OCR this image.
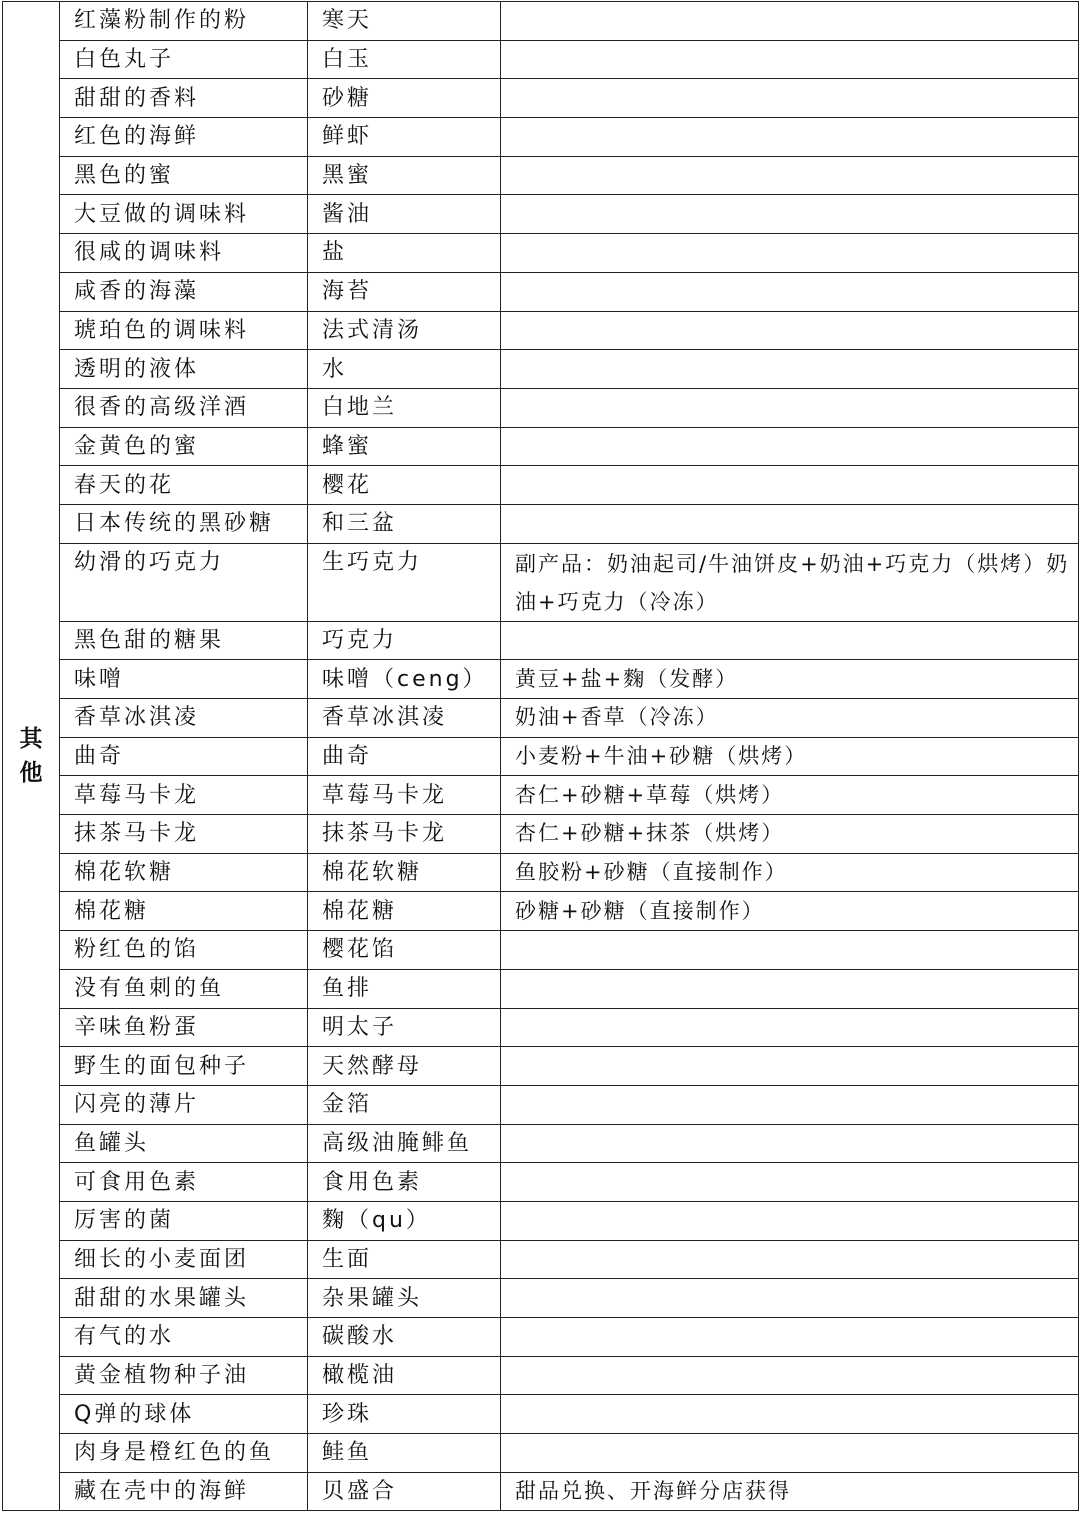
其
他	红藻粉制作的粉	寒天	
	白色丸子	白玉	
	甜甜的香料	砂糖	
	红色的海鲜	鲜虾	
	黑色的蜜	黑蜜	
	大豆做的调味料	酱油	
	很咸的调味料	盐	
	咸香的海藻	海苔	
	琥珀色的调味料	法式清汤	
	透明的液体	水	
	很香的高级洋酒	白地兰	
	金黄色的蜜	蜂蜜	
	春天的花	樱花	
	日本传统的黑砂糖	和三盆	
	幼滑的巧克力	生巧克力	副产品：奶油起司/牛油饼皮+奶油+巧克力（烘烤）奶油+巧克力（冷冻）
	黑色甜的糖果	巧克力	
	味噌	味噌（ceng）	黄豆+盐+麴（发酵）
	香草冰淇凌	香草冰淇凌	奶油+香草（冷冻）
	曲奇	曲奇	小麦粉+牛油+砂糖（烘烤）
	草莓马卡龙	草莓马卡龙	杏仁+砂糖+草莓（烘烤）
	抹茶马卡龙	抹茶马卡龙	杏仁+砂糖+抹茶（烘烤）
	棉花软糖	棉花软糖	鱼胶粉+砂糖（直接制作）
	棉花糖	棉花糖	砂糖+砂糖（直接制作）
	粉红色的馅	樱花馅	
	没有鱼刺的鱼	鱼排	
	辛味鱼粉蛋	明太子	
	野生的面包种子	天然酵母	
	闪亮的薄片	金箔	
	鱼罐头	高级油腌鲱鱼	
	可食用色素	食用色素	
	厉害的菌	麴（qu）	
	细长的小麦面团	生面	
	甜甜的水果罐头	杂果罐头	
	有气的水	碳酸水	
	黄金植物种子油	橄榄油	
	Q弹的球体	珍珠	
	肉身是橙红色的鱼	鲑鱼	
	藏在壳中的海鲜	贝盛合	甜品兑换、开海鲜分店获得
